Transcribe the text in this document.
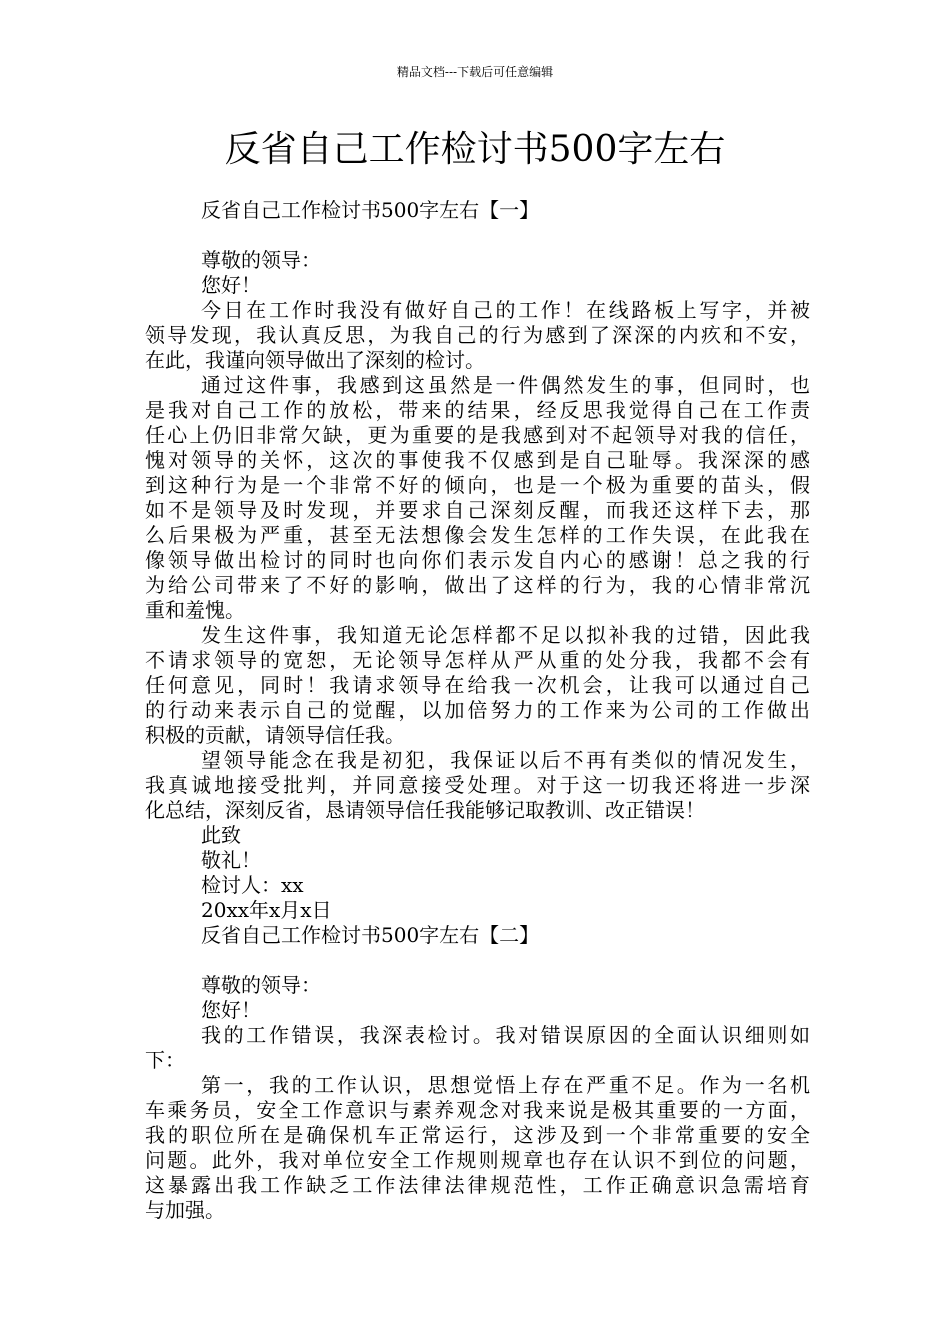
精品文档---下载后可任意编辑
反省自己工作检讨书500字左右
反省自己工作检讨书500字左右【一】
尊敬的领导：
您好！
今日在工作时我没有做好自己的工作！在线路板上写字，并被
领导发现，我认真反思，为我自己的行为感到了深深的内疚和不安，
在此，我谨向领导做出了深刻的检讨。
通过这件事，我感到这虽然是一件偶然发生的事，但同时，也
是我对自己工作的放松，带来的结果，经反思我觉得自己在工作责
任心上仍旧非常欠缺，更为重要的是我感到对不起领导对我的信任，
愧对领导的关怀，这次的事使我不仅感到是自己耻辱。我深深的感
到这种行为是一个非常不好的倾向，也是一个极为重要的苗头，假
如不是领导及时发现，并要求自己深刻反醒，而我还这样下去，那
么后果极为严重，甚至无法想像会发生怎样的工作失误，在此我在
像领导做出检讨的同时也向你们表示发自内心的感谢！总之我的行
为给公司带来了不好的影响，做出了这样的行为，我的心情非常沉
重和羞愧。
发生这件事，我知道无论怎样都不足以拟补我的过错，因此我
不请求领导的宽恕，无论领导怎样从严从重的处分我，我都不会有
任何意见，同时！我请求领导在给我一次机会，让我可以通过自己
的行动来表示自己的觉醒，以加倍努力的工作来为公司的工作做出
积极的贡献，请领导信任我。
望领导能念在我是初犯，我保证以后不再有类似的情况发生，
我真诚地接受批判，并同意接受处理。对于这一切我还将进一步深
化总结，深刻反省，恳请领导信任我能够记取教训、改正错误！
此致
敬礼！
检讨人：xx
20xx年x月x日
反省自己工作检讨书500字左右【二】
尊敬的领导：
您好！
我的工作错误，我深表检讨。我对错误原因的全面认识细则如
下：
第一，我的工作认识，思想觉悟上存在严重不足。作为一名机
车乘务员，安全工作意识与素养观念对我来说是极其重要的一方面，
我的职位所在是确保机车正常运行，这涉及到一个非常重要的安全
问题。此外，我对单位安全工作规则规章也存在认识不到位的问题，
这暴露出我工作缺乏工作法律法律规范性，工作正确意识急需培育
与加强。
